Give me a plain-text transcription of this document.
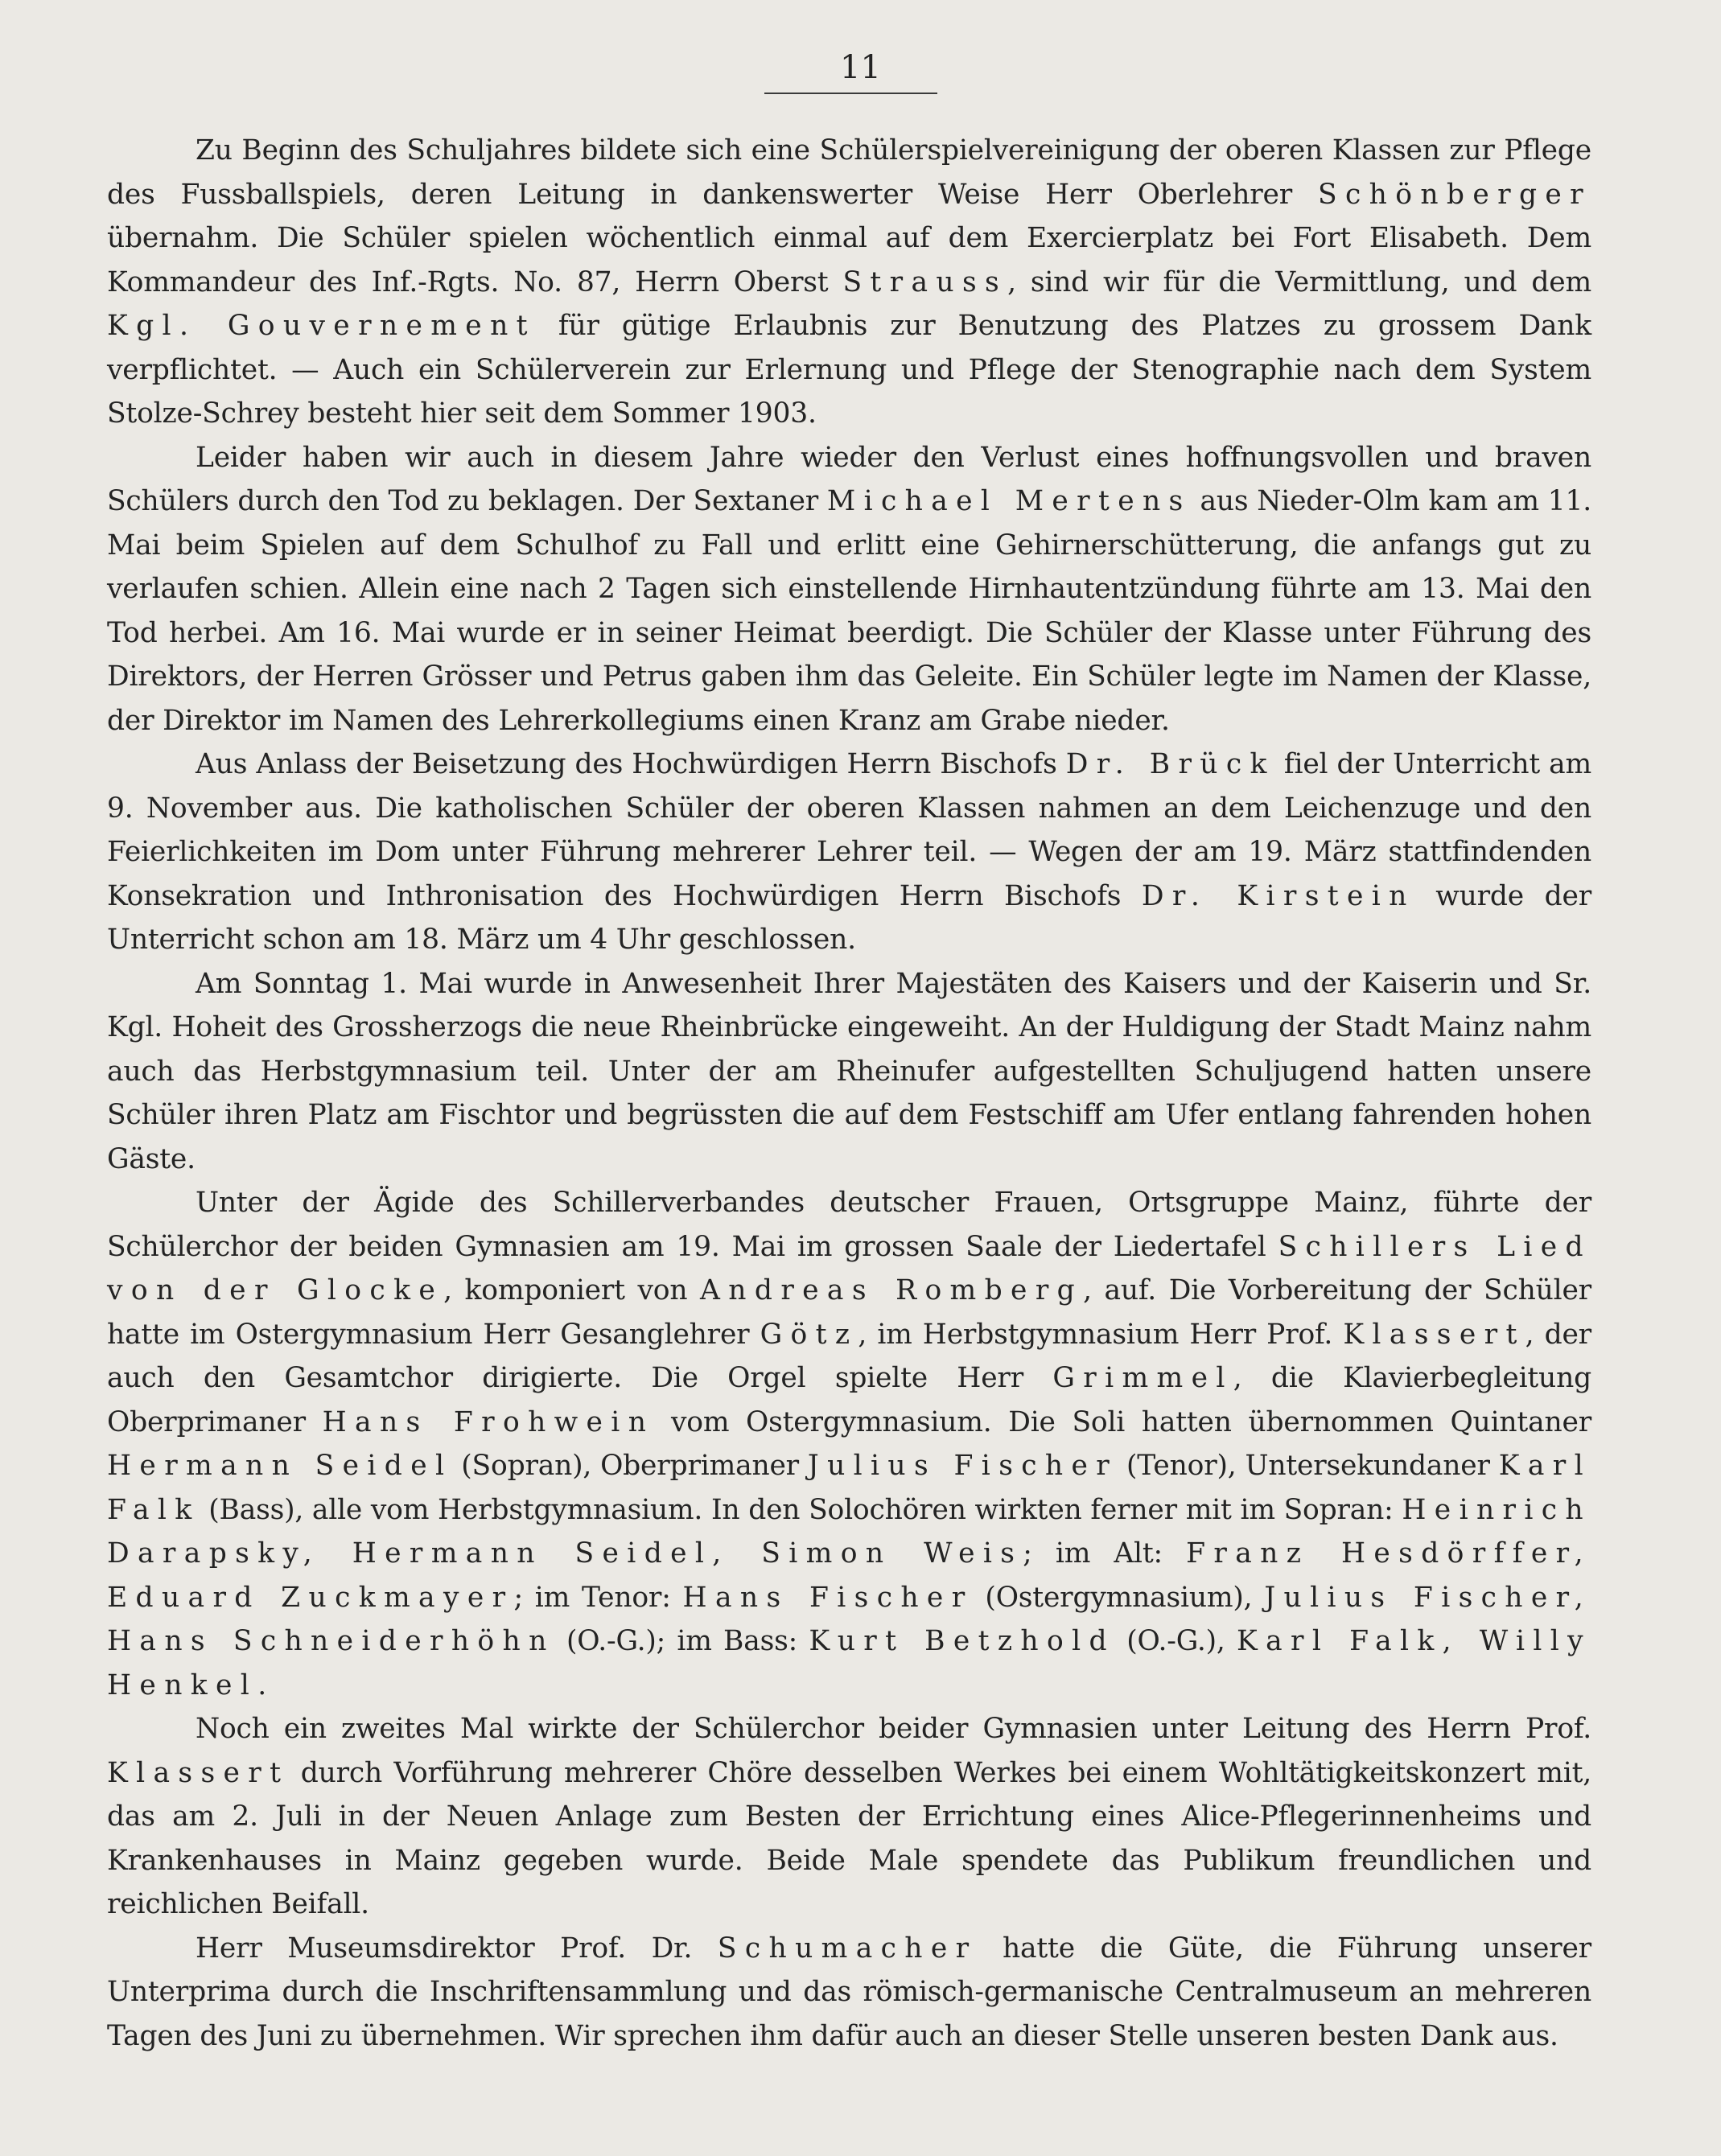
11

Zu Beginn des Schuljahres bildete sich eine Schülerspielvereinigung der oberen Klassen zur Pflege des Fussballspiels, deren Leitung in dankenswerter Weise Herr Oberlehrer Schönberger übernahm. Die Schüler spielen wöchentlich einmal auf dem Exercierplatz bei Fort Elisabeth. Dem Kommandeur des Inf.-Rgts. No. 87, Herrn Oberst Strauss, sind wir für die Vermittlung, und dem Kgl. Gouvernement für gütige Erlaubnis zur Benutzung des Platzes zu grossem Dank verpflichtet. — Auch ein Schülerverein zur Erlernung und Pflege der Stenographie nach dem System Stolze-Schrey besteht hier seit dem Sommer 1903.

Leider haben wir auch in diesem Jahre wieder den Verlust eines hoffnungsvollen und braven Schülers durch den Tod zu beklagen. Der Sextaner Michael Mertens aus Nieder-Olm kam am 11. Mai beim Spielen auf dem Schulhof zu Fall und erlitt eine Gehirnerschütterung, die anfangs gut zu verlaufen schien. Allein eine nach 2 Tagen sich einstellende Hirnhautentzündung führte am 13. Mai den Tod herbei. Am 16. Mai wurde er in seiner Heimat beerdigt. Die Schüler der Klasse unter Führung des Direktors, der Herren Grösser und Petrus gaben ihm das Geleite. Ein Schüler legte im Namen der Klasse, der Direktor im Namen des Lehrerkollegiums einen Kranz am Grabe nieder.

Aus Anlass der Beisetzung des Hochwürdigen Herrn Bischofs Dr. Brück fiel der Unterricht am 9. November aus. Die katholischen Schüler der oberen Klassen nahmen an dem Leichenzuge und den Feierlichkeiten im Dom unter Führung mehrerer Lehrer teil. — Wegen der am 19. März stattfindenden Konsekration und Inthronisation des Hochwürdigen Herrn Bischofs Dr. Kirstein wurde der Unterricht schon am 18. März um 4 Uhr geschlossen.

Am Sonntag 1. Mai wurde in Anwesenheit Ihrer Majestäten des Kaisers und der Kaiserin und Sr. Kgl. Hoheit des Grossherzogs die neue Rheinbrücke eingeweiht. An der Huldigung der Stadt Mainz nahm auch das Herbstgymnasium teil. Unter der am Rheinufer aufgestellten Schuljugend hatten unsere Schüler ihren Platz am Fischtor und begrüssten die auf dem Festschiff am Ufer entlang fahrenden hohen Gäste.

Unter der Ägide des Schillerverbandes deutscher Frauen, Ortsgruppe Mainz, führte der Schülerchor der beiden Gymnasien am 19. Mai im grossen Saale der Liedertafel Schillers Lied von der Glocke, komponiert von Andreas Romberg, auf. Die Vorbereitung der Schüler hatte im Ostergymnasium Herr Gesanglehrer Götz, im Herbstgymnasium Herr Prof. Klassert, der auch den Gesamtchor dirigierte. Die Orgel spielte Herr Grimmel, die Klavierbegleitung Oberprimaner Hans Frohwein vom Ostergymnasium. Die Soli hatten übernommen Quintaner Hermann Seidel (Sopran), Oberprimaner Julius Fischer (Tenor), Untersekundaner Karl Falk (Bass), alle vom Herbstgymnasium. In den Solochören wirkten ferner mit im Sopran: Heinrich Darapsky, Hermann Seidel, Simon Weis; im Alt: Franz Hesdörffer, Eduard Zuckmayer; im Tenor: Hans Fischer (Ostergymnasium), Julius Fischer, Hans Schneiderhöhn (O.-G.); im Bass: Kurt Betzhold (O.-G.), Karl Falk, Willy Henkel.

Noch ein zweites Mal wirkte der Schülerchor beider Gymnasien unter Leitung des Herrn Prof. Klassert durch Vorführung mehrerer Chöre desselben Werkes bei einem Wohltätigkeitskonzert mit, das am 2. Juli in der Neuen Anlage zum Besten der Errichtung eines Alice-Pflegerinnenheims und Krankenhauses in Mainz gegeben wurde. Beide Male spendete das Publikum freundlichen und reichlichen Beifall.

Herr Museumsdirektor Prof. Dr. Schumacher hatte die Güte, die Führung unserer Unterprima durch die Inschriftensammlung und das römisch-germanische Centralmuseum an mehreren Tagen des Juni zu übernehmen. Wir sprechen ihm dafür auch an dieser Stelle unseren besten Dank aus.
